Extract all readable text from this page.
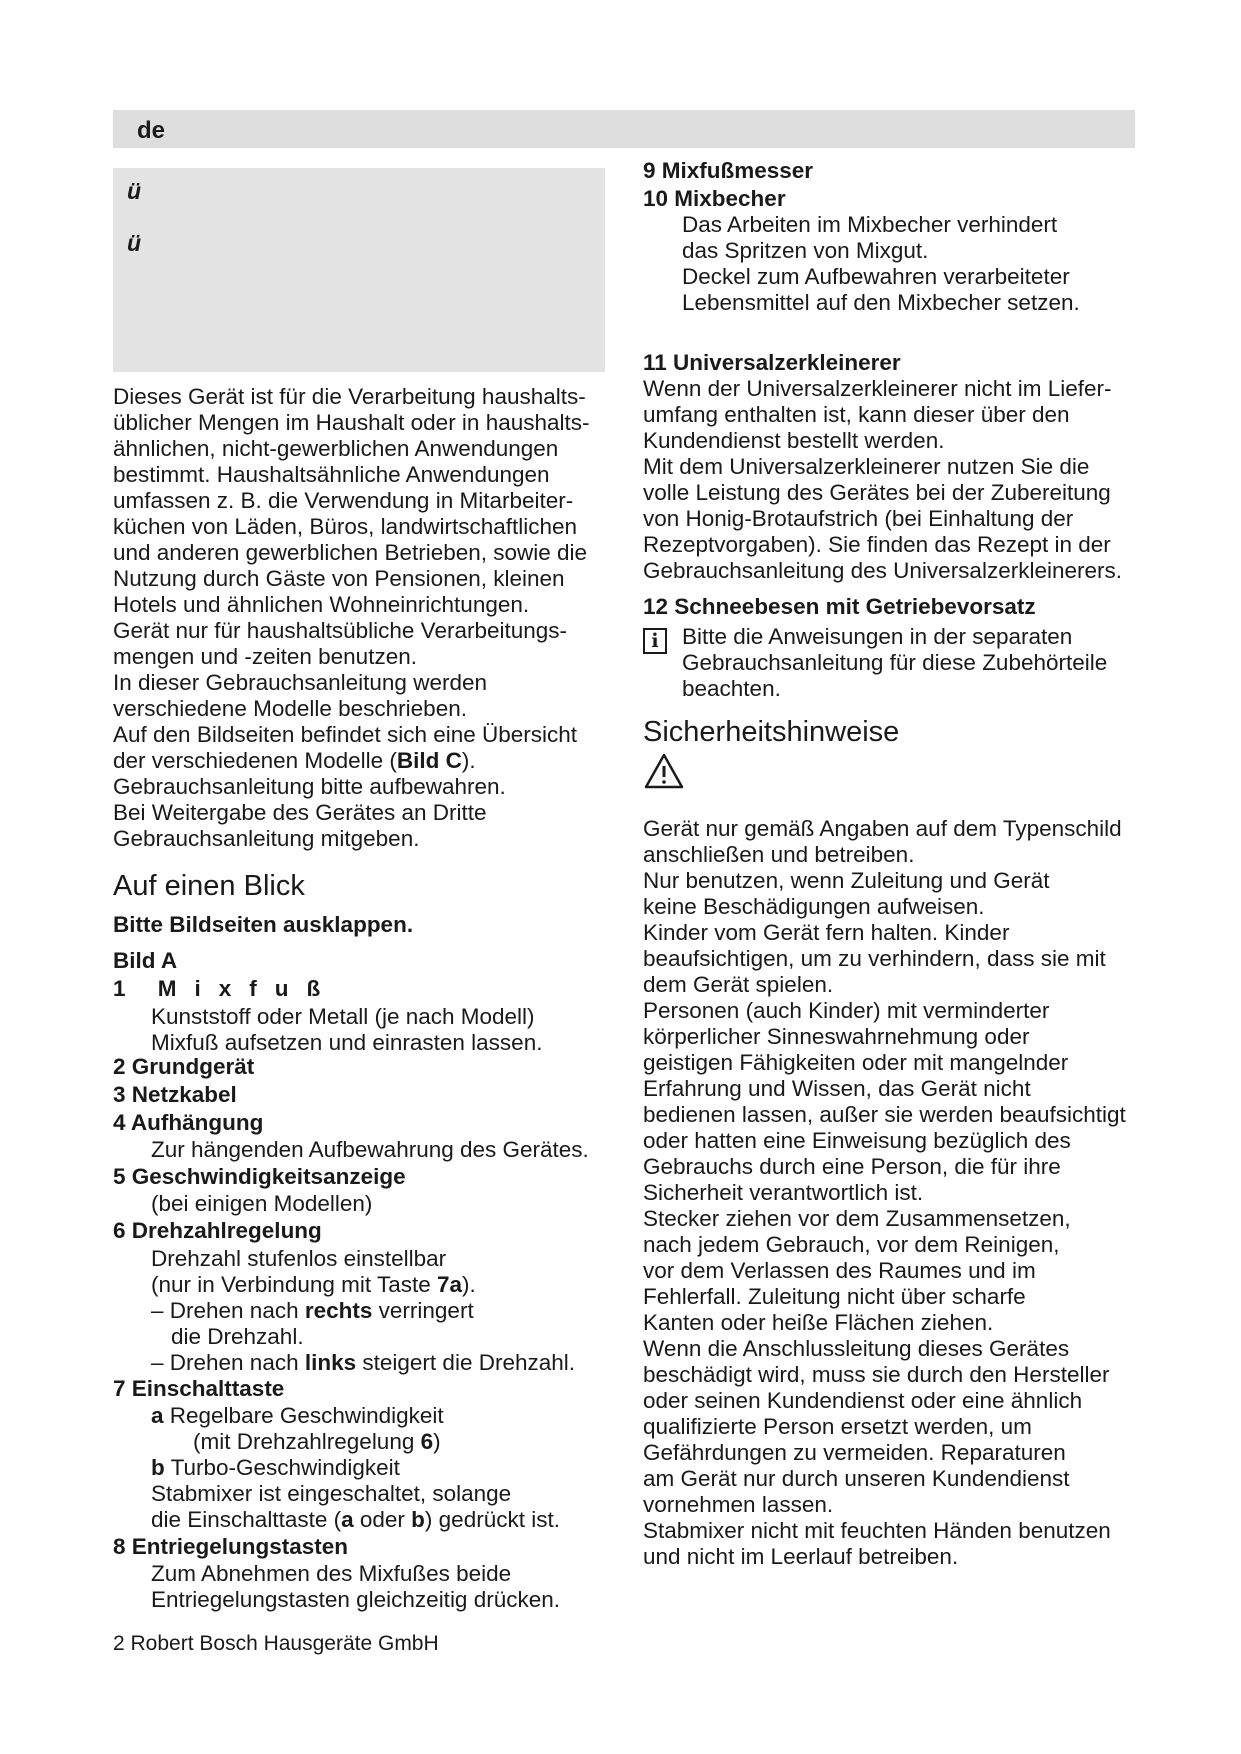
de
ü
ü
Dieses Gerät ist für die Verarbeitung haushalts-
üblicher Mengen im Haushalt oder in haushalts-
ähnlichen, nicht-gewerblichen Anwendungen
bestimmt. Haushaltsähnliche Anwendungen
umfassen z. B. die Verwendung in Mitarbeiter-
küchen von Läden, Büros, landwirtschaftlichen
und anderen gewerblichen Betrieben, sowie die
Nutzung durch Gäste von Pensionen, kleinen
Hotels und ähnlichen Wohneinrichtungen.
Gerät nur für haushaltsübliche Verarbeitungs-
mengen und -zeiten benutzen.
In dieser Gebrauchsanleitung werden
verschiedene Modelle beschrieben.
Auf den Bildseiten befindet sich eine Übersicht
der verschiedenen Modelle (Bild C).
Gebrauchsanleitung bitte aufbewahren.
Bei Weitergabe des Gerätes an Dritte
Gebrauchsanleitung mitgeben.
Auf einen Blick
Bitte Bildseiten ausklappen.
Bild A
1 Mixfuß
Kunststoff oder Metall (je nach Modell)
Mixfuß aufsetzen und einrasten lassen.
2 Grundgerät
3 Netzkabel
4 Aufhängung
Zur hängenden Aufbewahrung des Gerätes.
5 Geschwindigkeitsanzeige
(bei einigen Modellen)
6 Drehzahlregelung
Drehzahl stufenlos einstellbar
(nur in Verbindung mit Taste 7a).
– Drehen nach rechts verringert
die Drehzahl.
– Drehen nach links steigert die Drehzahl.
7 Einschalttaste
a Regelbare Geschwindigkeit
(mit Drehzahlregelung 6)
b Turbo-Geschwindigkeit
Stabmixer ist eingeschaltet, solange
die Einschalttaste (a oder b) gedrückt ist.
8 Entriegelungstasten
Zum Abnehmen des Mixfußes beide
Entriegelungstasten gleichzeitig drücken.
9 Mixfußmesser
10 Mixbecher
Das Arbeiten im Mixbecher verhindert
das Spritzen von Mixgut.
Deckel zum Aufbewahren verarbeiteter
Lebensmittel auf den Mixbecher setzen.
11 Universalzerkleinerer
Wenn der Universalzerkleinerer nicht im Liefer-
umfang enthalten ist, kann dieser über den
Kundendienst bestellt werden.
Mit dem Universalzerkleinerer nutzen Sie die
volle Leistung des Gerätes bei der Zubereitung
von Honig-Brotaufstrich (bei Einhaltung der
Rezeptvorgaben). Sie finden das Rezept in der
Gebrauchsanleitung des Universalzerkleinerers.
12 Schneebesen mit Getriebevorsatz
i	Bitte die Anweisungen in der separaten
Gebrauchsanleitung für diese Zubehörteile
beachten.
Sicherheitshinweise
Gerät nur gemäß Angaben auf dem Typenschild
anschließen und betreiben.
Nur benutzen, wenn Zuleitung und Gerät
keine Beschädigungen aufweisen.
Kinder vom Gerät fern halten. Kinder
beaufsichtigen, um zu verhindern, dass sie mit
dem Gerät spielen.
Personen (auch Kinder) mit verminderter
körperlicher Sinneswahrnehmung oder
geistigen Fähigkeiten oder mit mangelnder
Erfahrung und Wissen, das Gerät nicht
bedienen lassen, außer sie werden beaufsichtigt
oder hatten eine Einweisung bezüglich des
Gebrauchs durch eine Person, die für ihre
Sicherheit verantwortlich ist.
Stecker ziehen vor dem Zusammensetzen,
nach jedem Gebrauch, vor dem Reinigen,
vor dem Verlassen des Raumes und im
Fehlerfall. Zuleitung nicht über scharfe
Kanten oder heiße Flächen ziehen.
Wenn die Anschlussleitung dieses Gerätes
beschädigt wird, muss sie durch den Hersteller
oder seinen Kundendienst oder eine ähnlich
qualifizierte Person ersetzt werden, um
Gefährdungen zu vermeiden. Reparaturen
am Gerät nur durch unseren Kundendienst
vornehmen lassen.
Stabmixer nicht mit feuchten Händen benutzen
und nicht im Leerlauf betreiben.
2 Robert Bosch Hausgeräte GmbH
